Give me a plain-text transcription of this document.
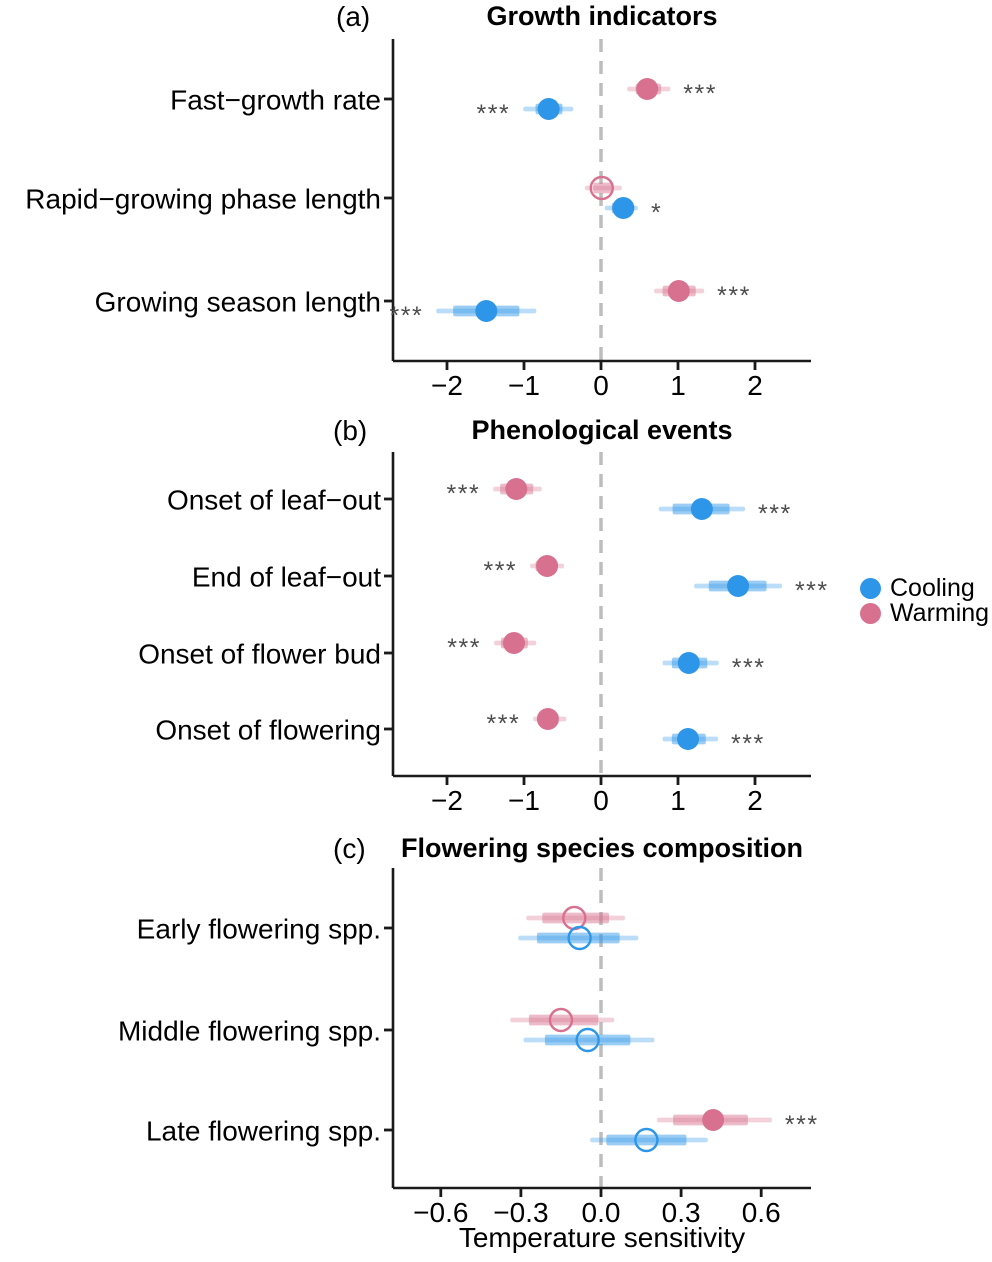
−2 −1 0 1 2
Fast−growth rate
Rapid−growing phase length
Growing season length
***
***
***
*
***
−2 −1 0 1 2
Onset of leaf−out
End of leaf−out
Onset of flower bud
Onset of flowering
***
***
***
***
***
***
***
***
−0.6 −0.3 0.0 0.3 0.6
Early flowering spp.
Middle flowering spp.
Late flowering spp.	***
(a)	Growth indicators
(b)	Phenological events
(c) Flowering species composition
Temperature sensitivity
Cooling
Warming
